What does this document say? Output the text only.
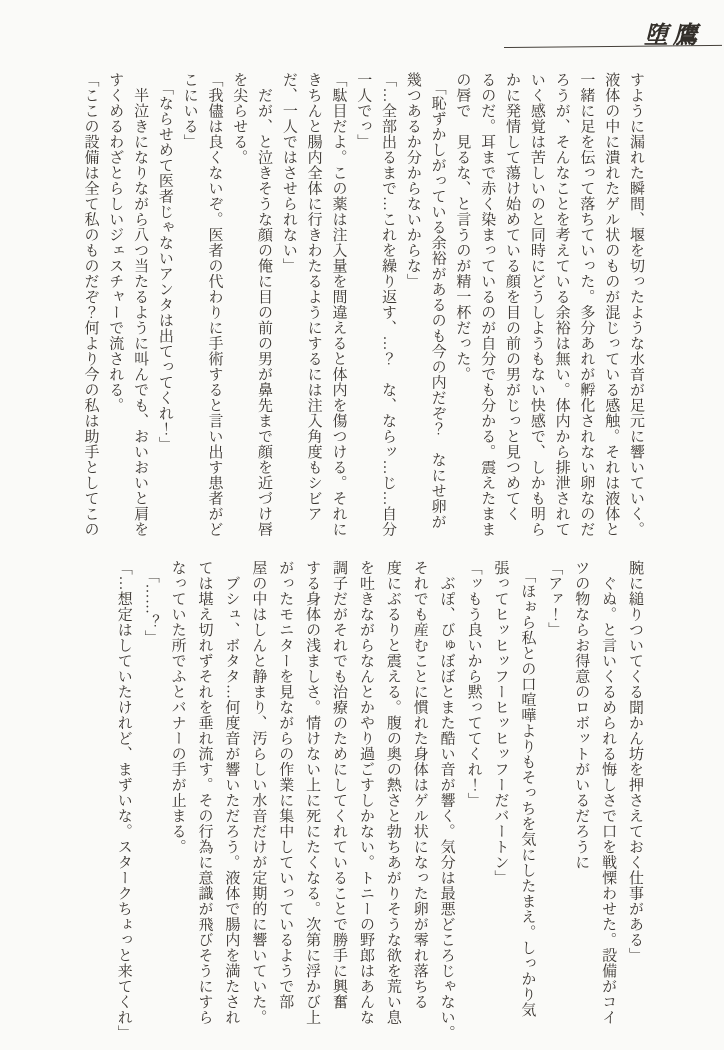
堕鷹
すように漏れた瞬間、堰を切ったような水音が足元に響いていく。
液体の中に潰れたゲル状のものが混じっている感触。それは液体と
一緒に足を伝って落ちていった。多分あれが孵化されない卵なのだ
ろうが、そんなことを考えている余裕は無い。体内から排泄されて
いく感覚は苦しいのと同時にどうしようもない快感で、しかも明ら
かに発情して蕩け始めている顔を目の前の男がじっと見つめてく
るのだ。耳まで赤く染まっているのが自分でも分かる。震えたまま
の唇で　見るな、と言うのが精一杯だった。
　「恥ずかしがっている余裕があるのも今の内だぞ？　なにせ卵が
幾つあるか分からないからな」
「…全部出るまで…これを繰り返す、…？　な、ならッ…じ…自分
一人でっ」
「駄目だよ。この薬は注入量を間違えると体内を傷つける。それに
きちんと腸内全体に行きわたるようにするには注入角度もシビア
だ、一人ではさせられない」
　だが、と泣きそうな顔の俺に目の前の男が鼻先まで顔を近づけ唇
を尖らせる。
「我儘は良くないぞ。医者の代わりに手術すると言い出す患者がど
こにいる」
　「ならせめて医者じゃないアンタは出てってくれ！」
　半泣きになりながら八つ当たるように叫んでも、おいおいと肩を
すくめるわざとらしいジェスチャーで流される。
「ここの設備は全て私のものだぞ？何より今の私は助手としてこの
腕に縋りついてくる聞かん坊を押さえておく仕事がある」
　ぐぬ。と言いくるめられる悔しさで口を戦慄わせた。設備がコイ
ツの物ならお得意のロボットがいるだろうに
「アァ！」
　「ほぉら私との口喧嘩よりもそっちを気にしたまえ。しっかり気
張ってヒッヒッフーヒッヒッフーだバートン」
「ッもう良いから黙っててくれ！」
　ぶぽ、びゅぼぼとまた酷い音が響く。気分は最悪どころじゃない。
それでも産むことに慣れた身体はゲル状になった卵が零れ落ちる
度にぶるりと震える。腹の奥の熱さと勃ちあがりそうな欲を荒い息
を吐きながらなんとかやり過ごすしかない。トニーの野郎はあんな
調子だがそれでも治療のためにしてくれていることで勝手に興奮
する身体の浅ましさ。情けない上に死にたくなる。次第に浮かび上
がったモニターを見ながらの作業に集中していっているようで部
屋の中はしんと静まり、汚らしい水音だけが定期的に響いていた。
　ブシュ、ボタタ…何度音が響いただろう。液体で腸内を満たされ
ては堪え切れずそれを垂れ流す。その行為に意識が飛びそうにすら
なっていた所でふとバナーの手が止まる。
　「……？」
「…想定はしていたけれど、まずいな。スタークちょっと来てくれ」
